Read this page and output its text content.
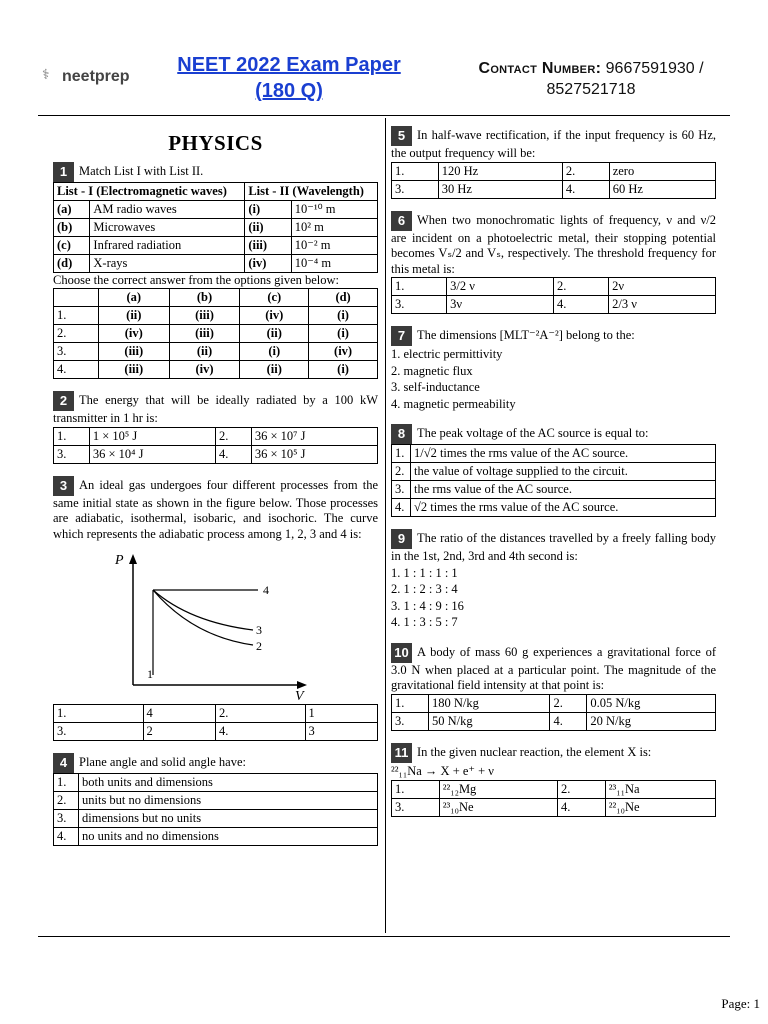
⚕ neetprep
NEET 2022 Exam Paper
(180 Q)
Contact Number: 9667591930 /
8527521718
PHYSICS
1 Match List I with List II.
List - I (Electromagnetic waves)		List - II (Wavelength)	
(a)	AM radio waves	(i)	10⁻¹⁰ m
(b)	Microwaves	(ii)	10² m
(c)	Infrared radiation	(iii)	10⁻² m
(d)	X-rays	(iv)	10⁻⁴ m
Choose the correct answer from the options given below:
	(a)	(b)	(c)	(d)
1.	(ii)	(iii)	(iv)	(i)
2.	(iv)	(iii)	(ii)	(i)
3.	(iii)	(ii)	(i)	(iv)
4.	(iii)	(iv)	(ii)	(i)
2 The energy that will be ideally radiated by a 100 kW transmitter in 1 hr is:
1.	1 × 10⁵ J	2.	36 × 10⁷ J
3.	36 × 10⁴ J	4.	36 × 10⁵ J
3 An ideal gas undergoes four different processes from the same initial state as shown in the figure below. Those processes are adiabatic, isothermal, isobaric, and isochoric. The curve which represents the adiabatic process among 1, 2, 3 and 4 is:
P
V
1
2
3
4
1.	4	2.	1
3.	2	4.	3
4 Plane angle and solid angle have:
1.	both units and dimensions
2.	units but no dimensions
3.	dimensions but no units
4.	no units and no dimensions
5 In half-wave rectification, if the input frequency is 60 Hz, the output frequency will be:
1.	120 Hz	2.	zero
3.	30 Hz	4.	60 Hz
6 When two monochromatic lights of frequency, ν and ν/2 are incident on a photoelectric metal, their stopping potential becomes Vₛ/2 and Vₛ, respectively. The threshold frequency for this metal is:
1.	3/2 ν	2.	2ν
3.	3ν	4.	2/3 ν
7 The dimensions [MLT⁻²A⁻²] belong to the:
1. electric permittivity
2. magnetic flux
3. self-inductance
4. magnetic permeability
8 The peak voltage of the AC source is equal to:
1.	1/√2 times the rms value of the AC source.
2.	the value of voltage supplied to the circuit.
3.	the rms value of the AC source.
4.	√2 times the rms value of the AC source.
9 The ratio of the distances travelled by a freely falling body in the 1st, 2nd, 3rd and 4th second is:
1. 1 : 1 : 1 : 1
2. 1 : 2 : 3 : 4
3. 1 : 4 : 9 : 16
4. 1 : 3 : 5 : 7
10 A body of mass 60 g experiences a gravitational force of 3.0 N when placed at a particular point. The magnitude of the gravitational field intensity at that point is:
1.	180 N/kg	2.	0.05 N/kg
3.	50 N/kg	4.	20 N/kg
11 In the given nuclear reaction, the element X is:
²²₁₁Na → X + e⁺ + ν
1.	²²₁₂Mg	2.	²³₁₁Na
3.	²³₁₀Ne	4.	²²₁₀Ne
Page: 1
